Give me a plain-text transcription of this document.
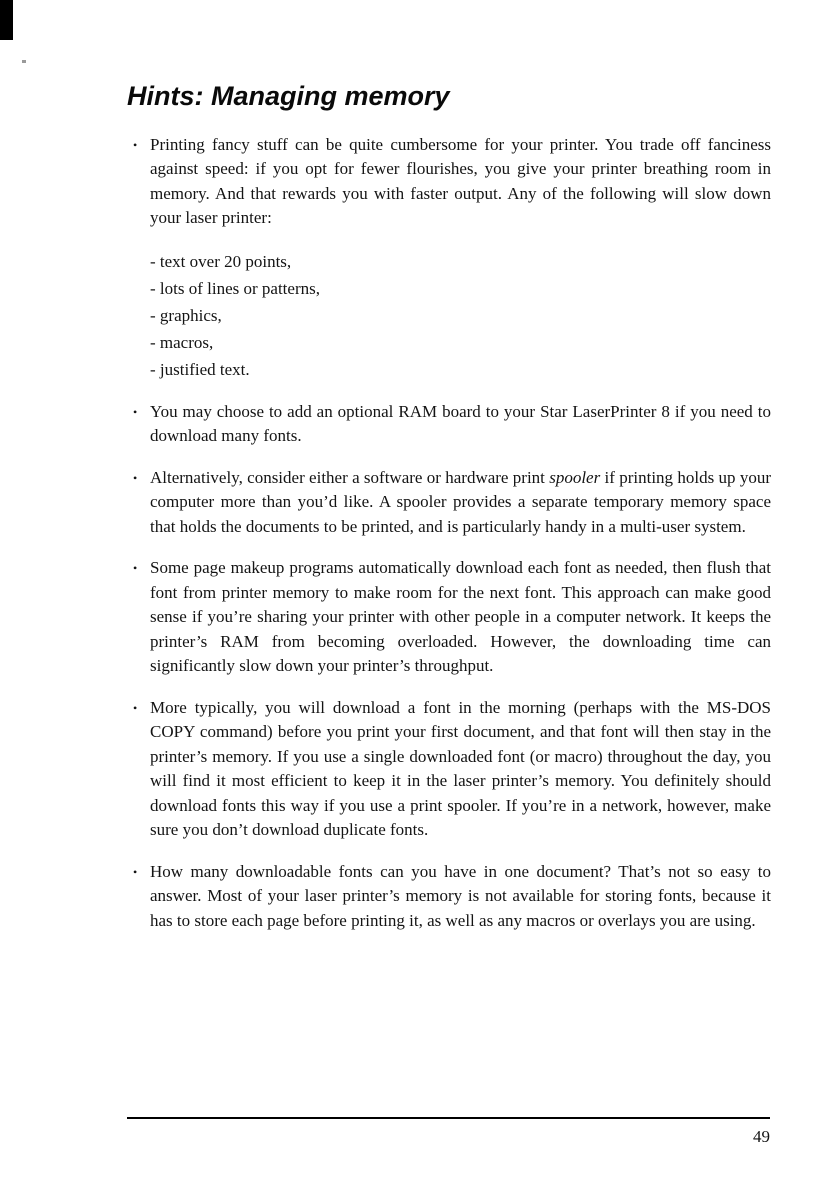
Hints: Managing memory
• Printing fancy stuff can be quite cumbersome for your printer. You trade off fanciness against speed: if you opt for fewer flourishes, you give your printer breathing room in memory. And that rewards you with faster output. Any of the following will slow down your laser printer:

- text over 20 points,
- lots of lines or patterns,
- graphics,
- macros,
- justified text.
• You may choose to add an optional RAM board to your Star LaserPrinter 8 if you need to download many fonts.

• Alternatively, consider either a software or hardware print spooler if printing holds up your computer more than you’d like. A spooler provides a separate temporary memory space that holds the documents to be printed, and is particularly handy in a multi-user system.

• Some page makeup programs automatically download each font as needed, then flush that font from printer memory to make room for the next font. This approach can make good sense if you’re sharing your printer with other people in a computer network. It keeps the printer’s RAM from becoming overloaded. However, the downloading time can significantly slow down your printer’s throughput.

• More typically, you will download a font in the morning (perhaps with the MS-DOS COPY command) before you print your first document, and that font will then stay in the printer’s memory. If you use a single downloaded font (or macro) throughout the day, you will find it most efficient to keep it in the laser printer’s memory. You definitely should download fonts this way if you use a print spooler. If you’re in a network, however, make sure you don’t download duplicate fonts.

• How many downloadable fonts can you have in one document? That’s not so easy to answer. Most of your laser printer’s memory is not available for storing fonts, because it has to store each page before printing it, as well as any macros or overlays you are using.

49
